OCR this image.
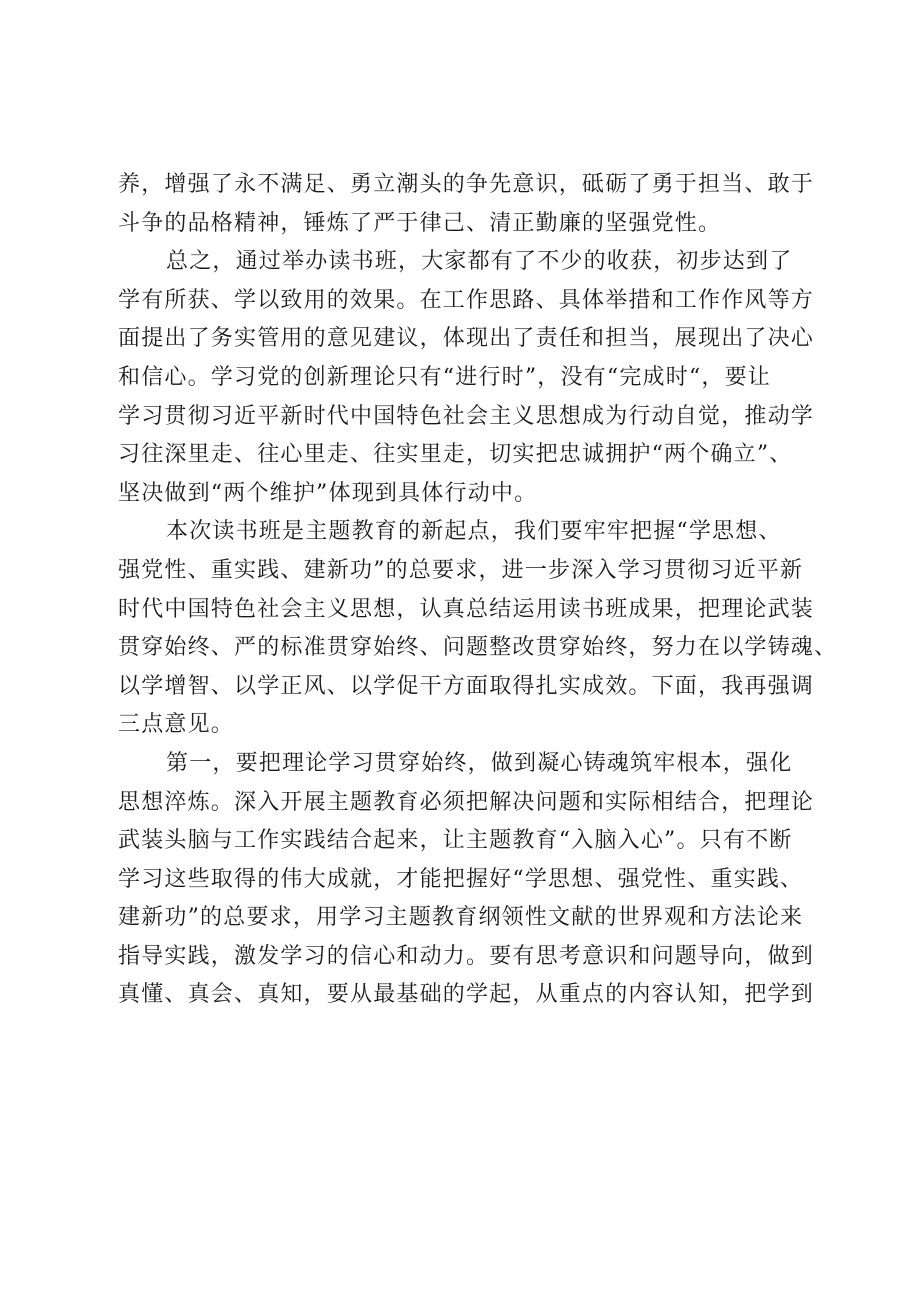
养，增强了永不满足、勇立潮头的争先意识，砥砺了勇于担当、敢于
斗争的品格精神，锤炼了严于律己、清正勤廉的坚强党性。
总之，通过举办读书班，大家都有了不少的收获，初步达到了
学有所获、学以致用的效果。在工作思路、具体举措和工作作风等方
面提出了务实管用的意见建议，体现出了责任和担当，展现出了决心
和信心。学习党的创新理论只有“进行时”，没有“完成时“，要让
学习贯彻习近平新时代中国特色社会主义思想成为行动自觉，推动学
习往深里走、往心里走、往实里走，切实把忠诚拥护“两个确立”、
坚决做到“两个维护”体现到具体行动中。
本次读书班是主题教育的新起点，我们要牢牢把握“学思想、
强党性、重实践、建新功”的总要求，进一步深入学习贯彻习近平新
时代中国特色社会主义思想，认真总结运用读书班成果，把理论武装
贯穿始终、严的标准贯穿始终、问题整改贯穿始终，努力在以学铸魂、
以学增智、以学正风、以学促干方面取得扎实成效。下面，我再强调
三点意见。
第一，要把理论学习贯穿始终，做到凝心铸魂筑牢根本，强化
思想淬炼。深入开展主题教育必须把解决问题和实际相结合，把理论
武装头脑与工作实践结合起来，让主题教育“入脑入心”。只有不断
学习这些取得的伟大成就，才能把握好“学思想、强党性、重实践、
建新功”的总要求，用学习主题教育纲领性文献的世界观和方法论来
指导实践，激发学习的信心和动力。要有思考意识和问题导向，做到
真懂、真会、真知，要从最基础的学起，从重点的内容认知，把学到
